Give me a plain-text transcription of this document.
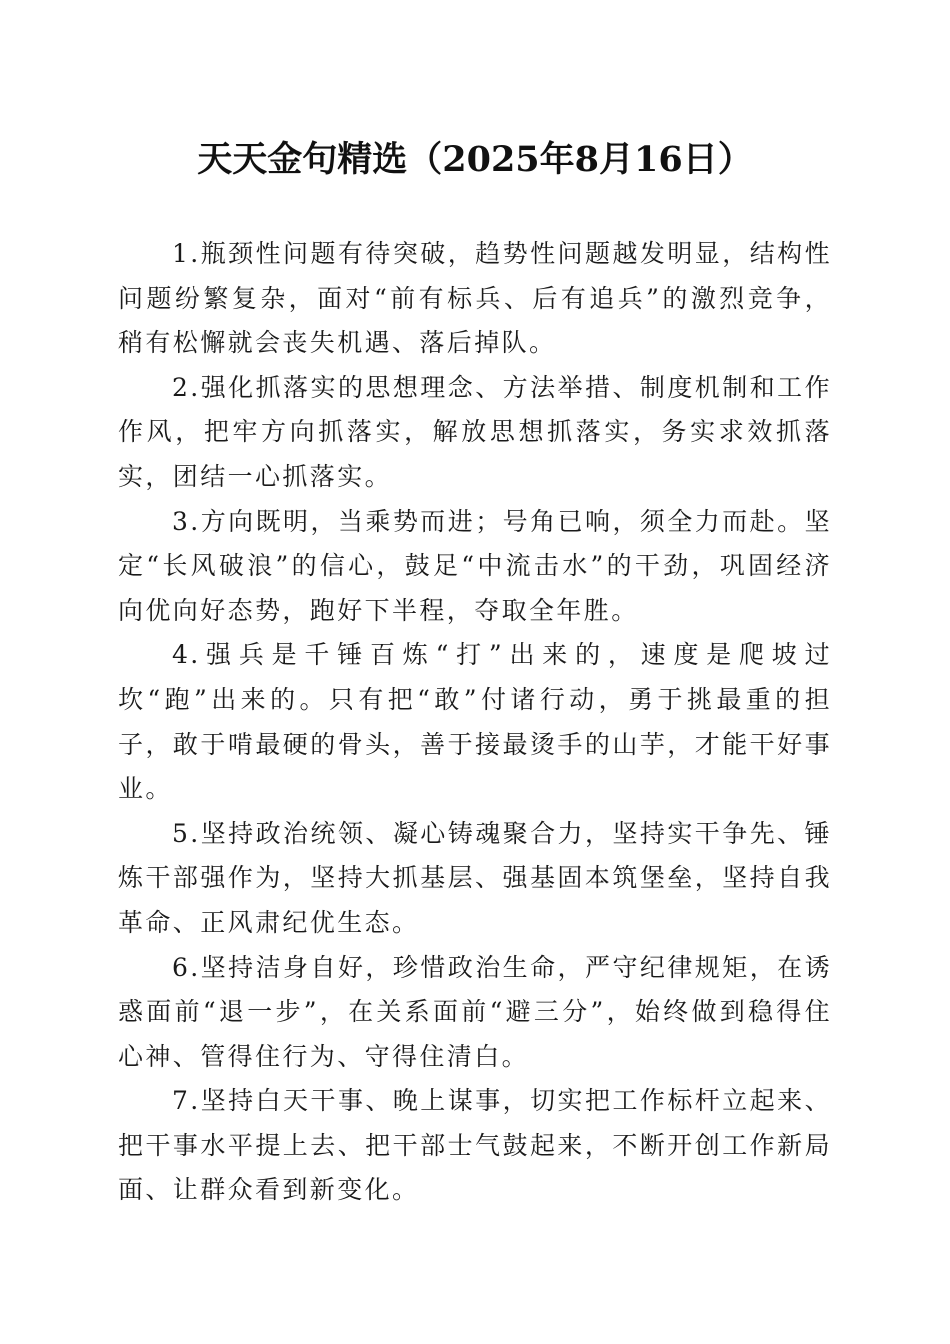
天天金句精选（2025年8月16日）

1.瓶颈性问题有待突破，趋势性问题越发明显，结构性问题纷繁复杂，面对“前有标兵、后有追兵”的激烈竞争，稍有松懈就会丧失机遇、落后掉队。

2.强化抓落实的思想理念、方法举措、制度机制和工作作风，把牢方向抓落实，解放思想抓落实，务实求效抓落实，团结一心抓落实。

3.方向既明，当乘势而进；号角已响，须全力而赴。坚定“长风破浪”的信心，鼓足“中流击水”的干劲，巩固经济向优向好态势，跑好下半程，夺取全年胜。

4.强兵是千锤百炼“打”出来的，速度是爬坡过坎“跑”出来的。只有把“敢”付诸行动，勇于挑最重的担子，敢于啃最硬的骨头，善于接最烫手的山芋，才能干好事业。

5.坚持政治统领、凝心铸魂聚合力，坚持实干争先、锤炼干部强作为，坚持大抓基层、强基固本筑堡垒，坚持自我革命、正风肃纪优生态。

6.坚持洁身自好，珍惜政治生命，严守纪律规矩，在诱惑面前“退一步”，在关系面前“避三分”，始终做到稳得住心神、管得住行为、守得住清白。

7.坚持白天干事、晚上谋事，切实把工作标杆立起来、把干事水平提上去、把干部士气鼓起来，不断开创工作新局面、让群众看到新变化。
